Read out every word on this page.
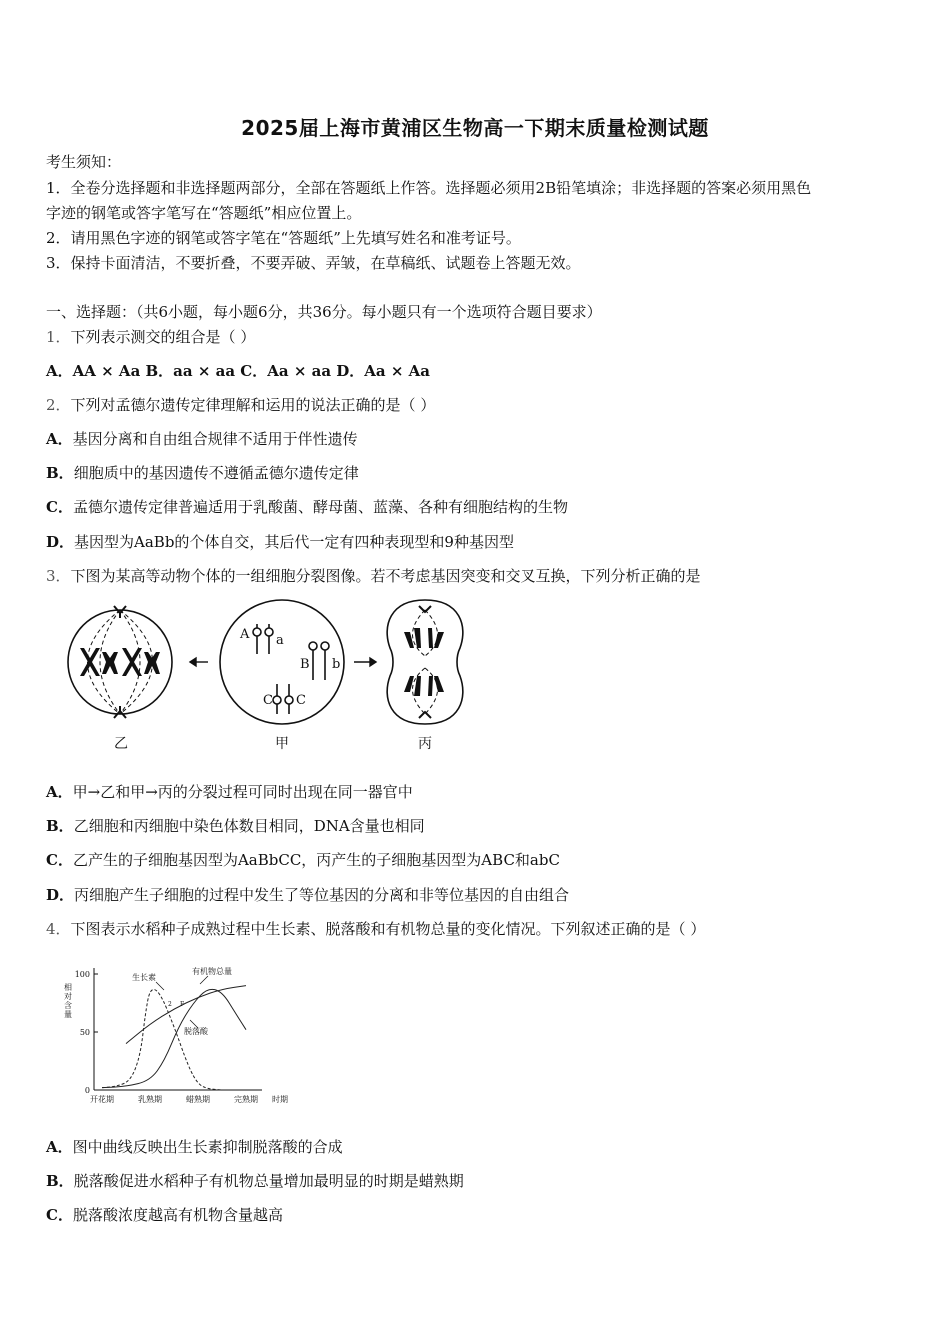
2025届上海市黄浦区生物高一下期末质量检测试题
考生须知：
1．全卷分选择题和非选择题两部分，全部在答题纸上作答。选择题必须用2B铅笔填涂；非选择题的答案必须用黑色
字迹的钢笔或答字笔写在“答题纸”相应位置上。
2．请用黑色字迹的钢笔或答字笔在“答题纸”上先填写姓名和准考证号。
3．保持卡面清洁，不要折叠，不要弄破、弄皱，在草稿纸、试题卷上答题无效。
一、选择题：（共6小题，每小题6分，共36分。每小题只有一个选项符合题目要求）
1．下列表示测交的组合是（ ）
A．AA × Aa B．aa × aa C．Aa × aa D．Aa × Aa
2．下列对孟德尔遗传定律理解和运用的说法正确的是（ ）
A．基因分离和自由组合规律不适用于伴性遗传
B．细胞质中的基因遗传不遵循孟德尔遗传定律
C．孟德尔遗传定律普遍适用于乳酸菌、酵母菌、蓝藻、各种有细胞结构的生物
D．基因型为AaBb的个体自交，其后代一定有四种表现型和9种基因型
3．下图为某高等动物个体的一组细胞分裂图像。若不考虑基因突变和交叉互换，下列分析正确的是
A a
B b
C C
乙	甲	丙
A．甲→乙和甲→丙的分裂过程可同时出现在同一器官中
B．乙细胞和丙细胞中染色体数目相同，DNA含量也相同
C．乙产生的子细胞基因型为AaBbCC，丙产生的子细胞基因型为ABC和abC
D．丙细胞产生子细胞的过程中发生了等位基因的分离和非等位基因的自由组合
4．下图表示水稻种子成熟过程中生长素、脱落酸和有机物总量的变化情况。下列叙述正确的是（ ）
100
50
0
相
对
含
量
开花期	乳熟期	蜡熟期	完熟期 时期
生长素
有机物总量
脱落酸
2 F
A．图中曲线反映出生长素抑制脱落酸的合成
B．脱落酸促进水稻种子有机物总量增加最明显的时期是蜡熟期
C．脱落酸浓度越高有机物含量越高
